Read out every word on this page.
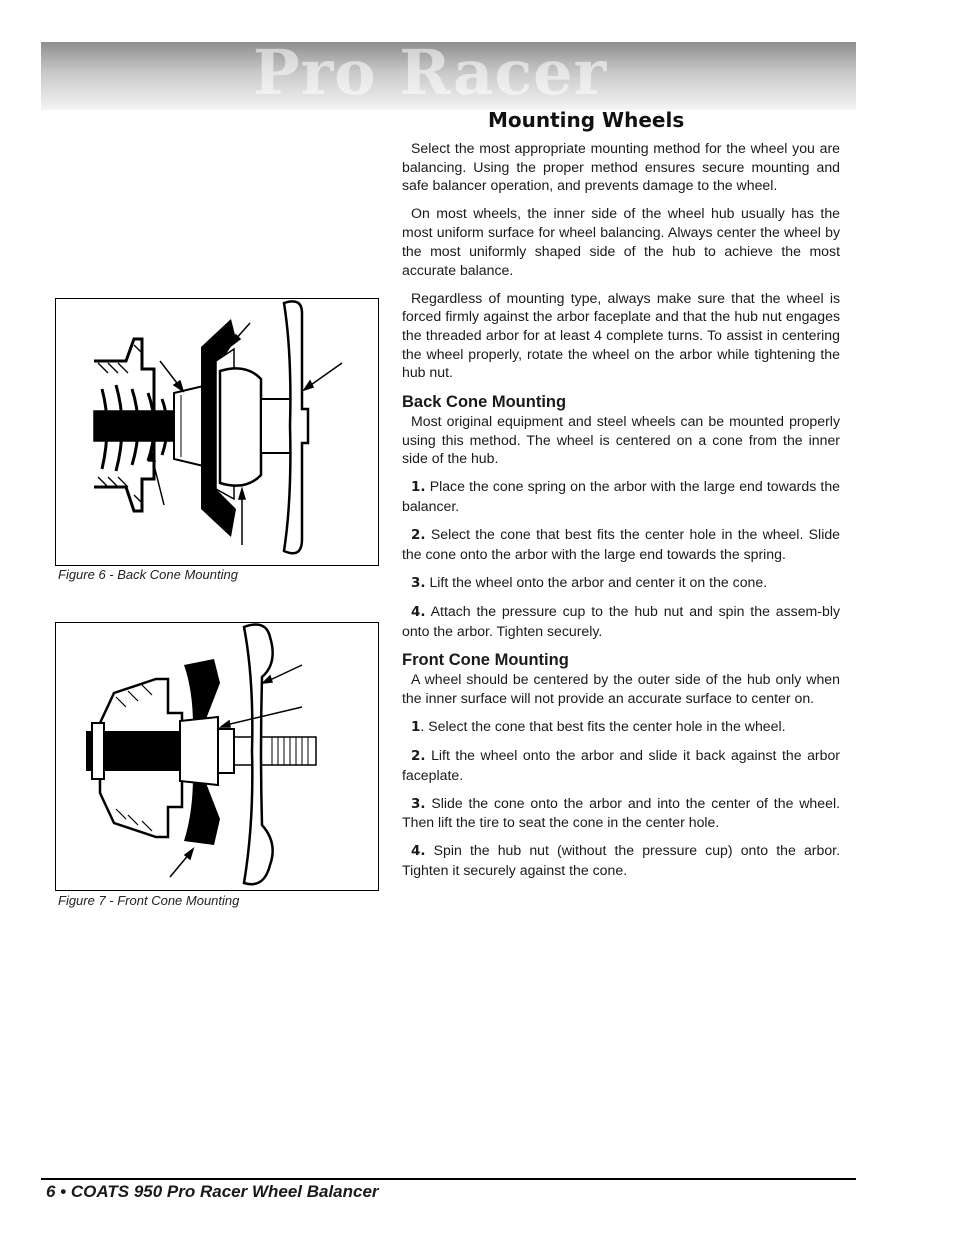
Pro Racer
Mounting Wheels
Figure 6 - Back Cone Mounting
Figure 7 - Front Cone Mounting

Select the most appropriate mounting method for the wheel you are balancing. Using the proper method ensures secure mounting and safe balancer operation, and prevents damage to the wheel.

On most wheels, the inner side of the wheel hub usually has the most uniform surface for wheel balancing. Always center the wheel by the most uniformly shaped side of the hub to achieve the most accurate balance.

Regardless of mounting type, always make sure that the wheel is forced firmly against the arbor faceplate and that the hub nut engages the threaded arbor for at least 4 complete turns. To assist in centering the wheel properly, rotate the wheel on the arbor while tightening the hub nut.

Back Cone Mounting

Most original equipment and steel wheels can be mounted properly using this method. The wheel is centered on a cone from the inner side of the hub.

1. Place the cone spring on the arbor with the large end towards the balancer.

2. Select the cone that best fits the center hole in the wheel. Slide the cone onto the arbor with the large end towards the spring.

3. Lift the wheel onto the arbor and center it on the cone.

4. Attach the pressure cup to the hub nut and spin the assem-bly onto the arbor. Tighten securely.

Front Cone Mounting

A wheel should be centered by the outer side of the hub only when the inner surface will not provide an accurate surface to center on.

1. Select the cone that best fits the center hole in the wheel.

2. Lift the wheel onto the arbor and slide it back against the arbor faceplate.

3. Slide the cone onto the arbor and into the center of the wheel. Then lift the tire to seat the cone in the center hole.

4. Spin the hub nut (without the pressure cup) onto the arbor. Tighten it securely against the cone.

6 • COATS 950 Pro Racer Wheel Balancer
